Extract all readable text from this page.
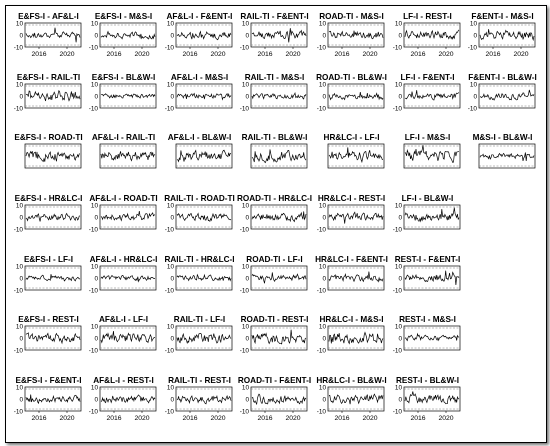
E&FS-I - AF&L-I
10
0
-10
2016 2020
E&FS-I - M&S-I
10
0
-10
2016 2020
AF&L-I - F&ENT-I
10
0
-10
2016 2020
RAIL-TI - F&ENT-I
10
0
-10
2016 2020
ROAD-TI - M&S-I
10
0
-10
2016 2020
LF-I - REST-I
10
0
-10
2016 2020
F&ENT-I - M&S-I
10
0
-10
2016 2020
E&FS-I - RAIL-TI
10
0
-10
E&FS-I - BL&W-I
10
0
-10
AF&L-I - M&S-I
10
0
-10
RAIL-TI - M&S-I
10
0
-10
ROAD-TI - BL&W-I
10
0
-10
LF-I - F&ENT-I
10
0
-10
F&ENT-I - BL&W-I
10
0
-10
E&FS-I - ROAD-TI AF&L-I - RAIL-TI AF&L-I - BL&W-I RAIL-TI - BL&W-I HR&LC-I - LF-I	LF-I - M&S-I	M&S-I - BL&W-I
E&FS-I - HR&LC-I
10
0
-10
AF&L-I - ROAD-TI
10
0
-10
RAIL-TI - ROAD-TI
10
0
-10
ROAD-TI - HR&LC-I
10
0
-10
HR&LC-I - REST-I
10
0
-10
LF-I - BL&W-I
10
0
-10
E&FS-I - LF-I
10
0
-10
AF&L-I - HR&LC-I
10
0
-10
RAIL-TI - HR&LC-I
10
0
-10
ROAD-TI - LF-I
10
0
-10
HR&LC-I - F&ENT-I
10
0
-10
REST-I - F&ENT-I
10
0
-10
E&FS-I - REST-I
10
0
-10
AF&L-I - LF-I
10
0
-10
RAIL-TI - LF-I
10
0
-10
ROAD-TI - REST-I
10
0
-10
HR&LC-I - M&S-I
10
0
-10
REST-I - M&S-I
10
0
-10
E&FS-I - F&ENT-I
10
0
-10
2016 2020
AF&L-I - REST-I
10
0
-10
2016 2020
RAIL-TI - REST-I
10
0
-10
2016 2020
ROAD-TI - F&ENT-I
10
0
-10
2016 2020
HR&LC-I - BL&W-I
10
0
-10
2016 2020
REST-I - BL&W-I
10
0
-10
2016 2020
